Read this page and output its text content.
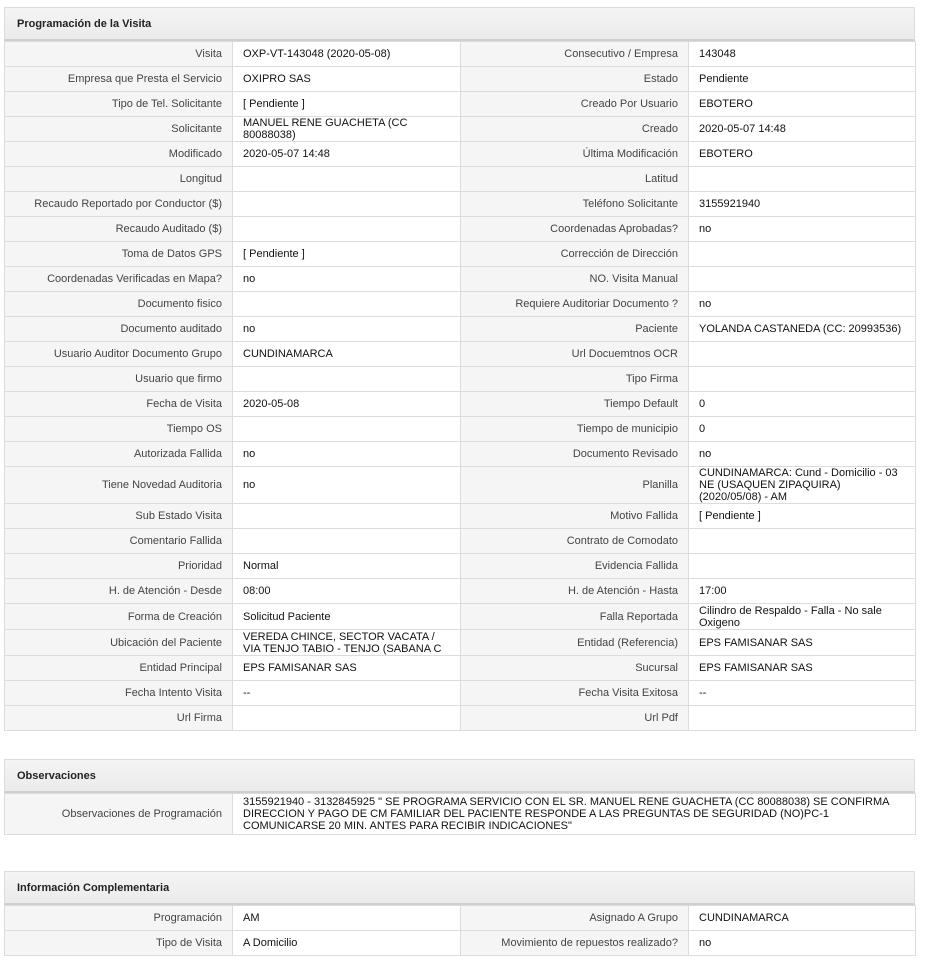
Programación de la Visita
Visita	OXP-VT-143048 (2020-05-08)	Consecutivo / Empresa	143048
Empresa que Presta el Servicio	OXIPRO SAS	Estado	Pendiente
Tipo de Tel. Solicitante	[ Pendiente ]	Creado Por Usuario	EBOTERO
Solicitante	MANUEL RENE GUACHETA (CC 80088038)	Creado	2020-05-07 14:48
Modificado	2020-05-07 14:48	Última Modificación	EBOTERO
Longitud		Latitud	
Recaudo Reportado por Conductor ($)		Teléfono Solicitante	3155921940
Recaudo Auditado ($)		Coordenadas Aprobadas?	no
Toma de Datos GPS	[ Pendiente ]	Corrección de Dirección	
Coordenadas Verificadas en Mapa?	no	NO. Visita Manual	
Documento fisico		Requiere Auditoriar Documento ?	no
Documento auditado	no	Paciente	YOLANDA CASTANEDA (CC: 20993536)
Usuario Auditor Documento Grupo	CUNDINAMARCA	Url Docuemtnos OCR	
Usuario que firmo		Tipo Firma	
Fecha de Visita	2020-05-08	Tiempo Default	0
Tiempo OS		Tiempo de municipio	0
Autorizada Fallida	no	Documento Revisado	no
Tiene Novedad Auditoria	no	Planilla	CUNDINAMARCA: Cund - Domicilio - 03 NE (USAQUEN ZIPAQUIRA) (2020/05/08) - AM
Sub Estado Visita		Motivo Fallida	[ Pendiente ]
Comentario Fallida		Contrato de Comodato	
Prioridad	Normal	Evidencia Fallida	
H. de Atención - Desde	08:00	H. de Atención - Hasta	17:00
Forma de Creación	Solicitud Paciente	Falla Reportada	Cilindro de Respaldo - Falla - No sale Oxigeno
Ubicación del Paciente	VEREDA CHINCE, SECTOR VACATA / VIA TENJO TABIO - TENJO (SABANA C	Entidad (Referencia)	EPS FAMISANAR SAS
Entidad Principal	EPS FAMISANAR SAS	Sucursal	EPS FAMISANAR SAS
Fecha Intento Visita	--	Fecha Visita Exitosa	--
Url Firma		Url Pdf	
Observaciones
Observaciones de Programación	3155921940 - 3132845925 " SE PROGRAMA SERVICIO CON EL SR. MANUEL RENE GUACHETA (CC 80088038) SE CONFIRMA DIRECCION Y PAGO DE CM FAMILIAR DEL PACIENTE RESPONDE A LAS PREGUNTAS DE SEGURIDAD (NO)PC-1 COMUNICARSE 20 MIN. ANTES PARA RECIBIR INDICACIONES"
Información Complementaria
Programación	AM	Asignado A Grupo	CUNDINAMARCA
Tipo de Visita	A Domicilio	Movimiento de repuestos realizado?	no
